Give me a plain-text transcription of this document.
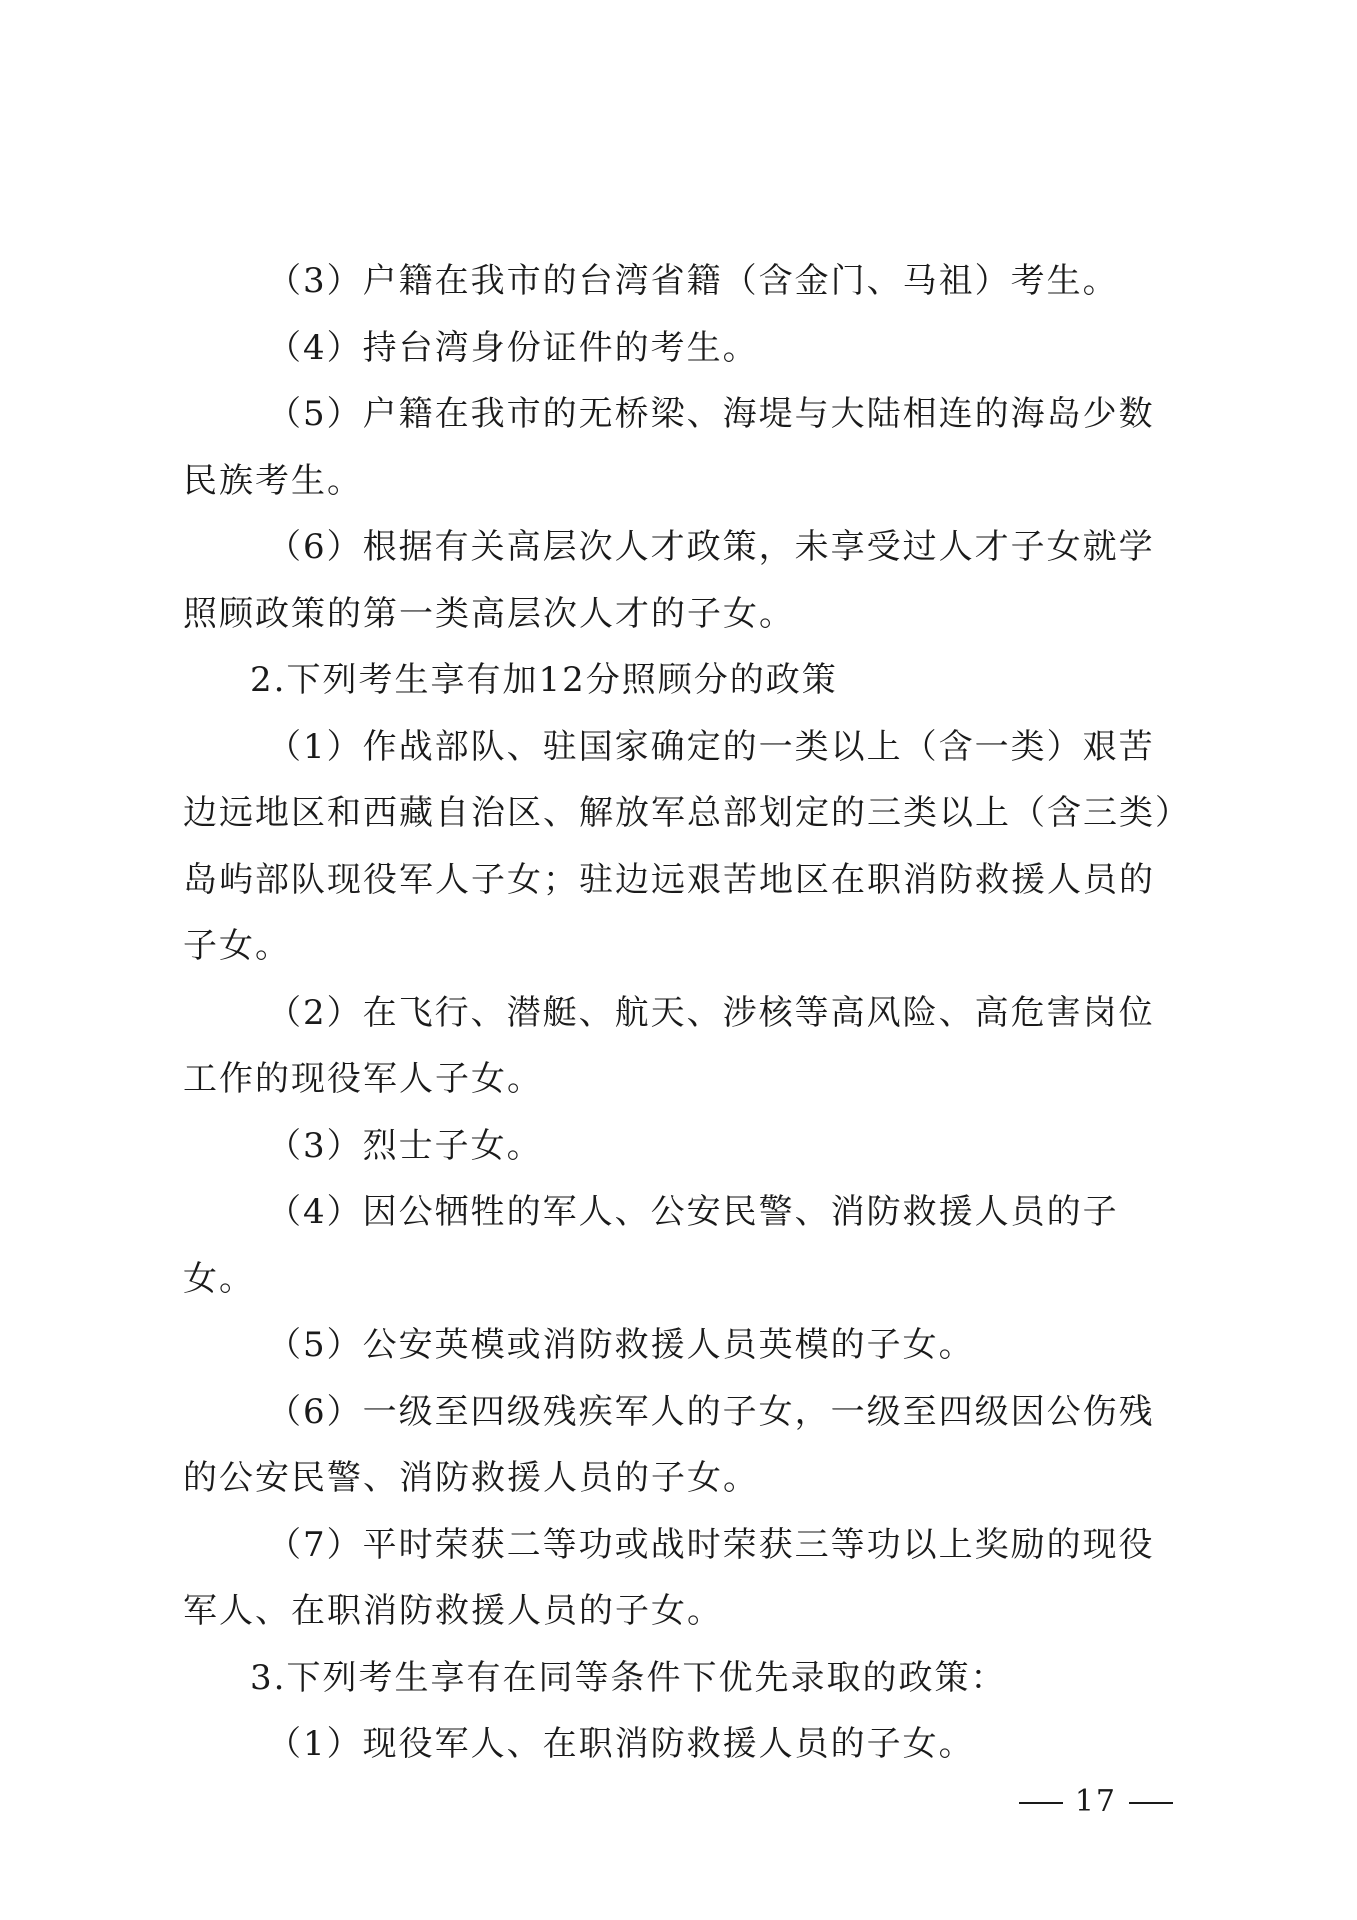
（3）户籍在我市的台湾省籍（含金门、马祖）考生。

（4）持台湾身份证件的考生。

（5）户籍在我市的无桥梁、海堤与大陆相连的海岛少数民族考生。

（6）根据有关高层次人才政策，未享受过人才子女就学照顾政策的第一类高层次人才的子女。

2.下列考生享有加12分照顾分的政策

（1）作战部队、驻国家确定的一类以上（含一类）艰苦边远地区和西藏自治区、解放军总部划定的三类以上（含三类）岛屿部队现役军人子女；驻边远艰苦地区在职消防救援人员的子女。

（2）在飞行、潜艇、航天、涉核等高风险、高危害岗位工作的现役军人子女。

（3）烈士子女。

（4）因公牺牲的军人、公安民警、消防救援人员的子女。

（5）公安英模或消防救援人员英模的子女。

（6）一级至四级残疾军人的子女，一级至四级因公伤残的公安民警、消防救援人员的子女。

（7）平时荣获二等功或战时荣获三等功以上奖励的现役军人、在职消防救援人员的子女。

3.下列考生享有在同等条件下优先录取的政策：

（1）现役军人、在职消防救援人员的子女。

17
